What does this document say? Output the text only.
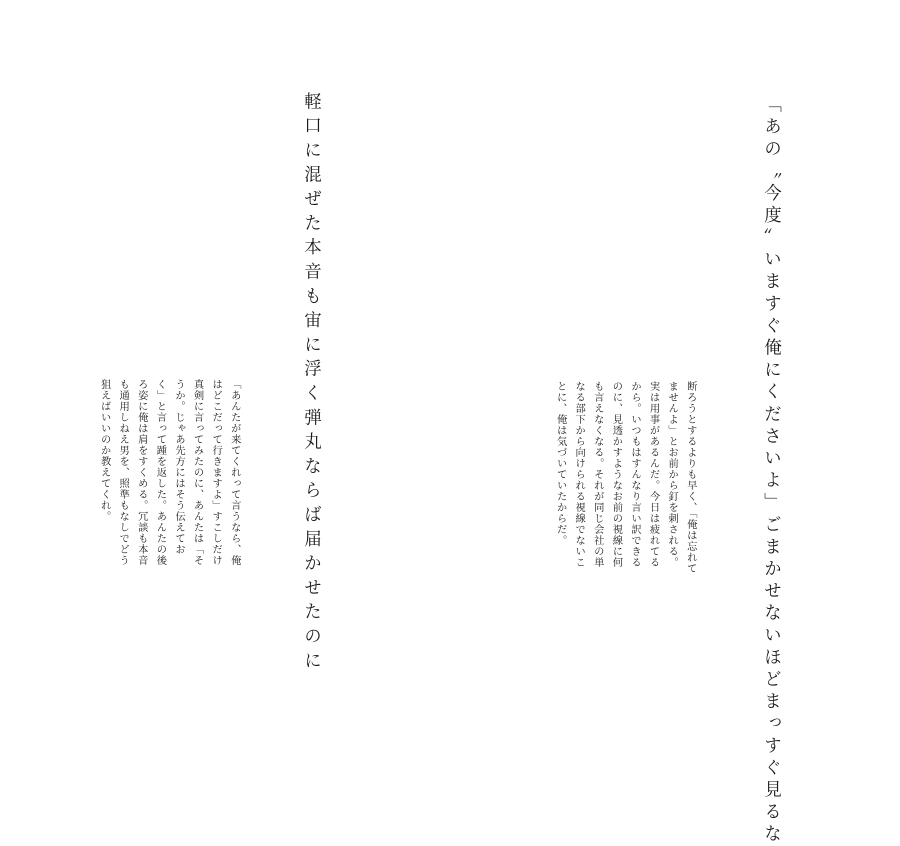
「あの〝今度〟いますぐ俺にくださいよ」ごまかせないほどまっすぐ見るな
断ろうとするよりも早く、「俺は忘れて
ませんよ」とお前から釘を刺される。
実は用事があるんだ。今日は疲れてる
から。いつもはすんなり言い訳できる
のに、見透かすようなお前の視線に何
も言えなくなる。それが同じ会社の単
なる部下から向けられる視線でないこ
とに、俺は気づいていたからだ。
軽口に混ぜた本音も宙に浮く弾丸ならば届かせたのに
「あんたが来てくれって言うなら、俺
はどこだって行きますよ」すこしだけ
真剣に言ってみたのに、あんたは「そ
うか。じゃあ先方にはそう伝えてお
く」と言って踵を返した。あんたの後
ろ姿に俺は肩をすくめる。冗談も本音
も通用しねえ男を、照準もなしでどう
狙えばいいのか教えてくれ。
